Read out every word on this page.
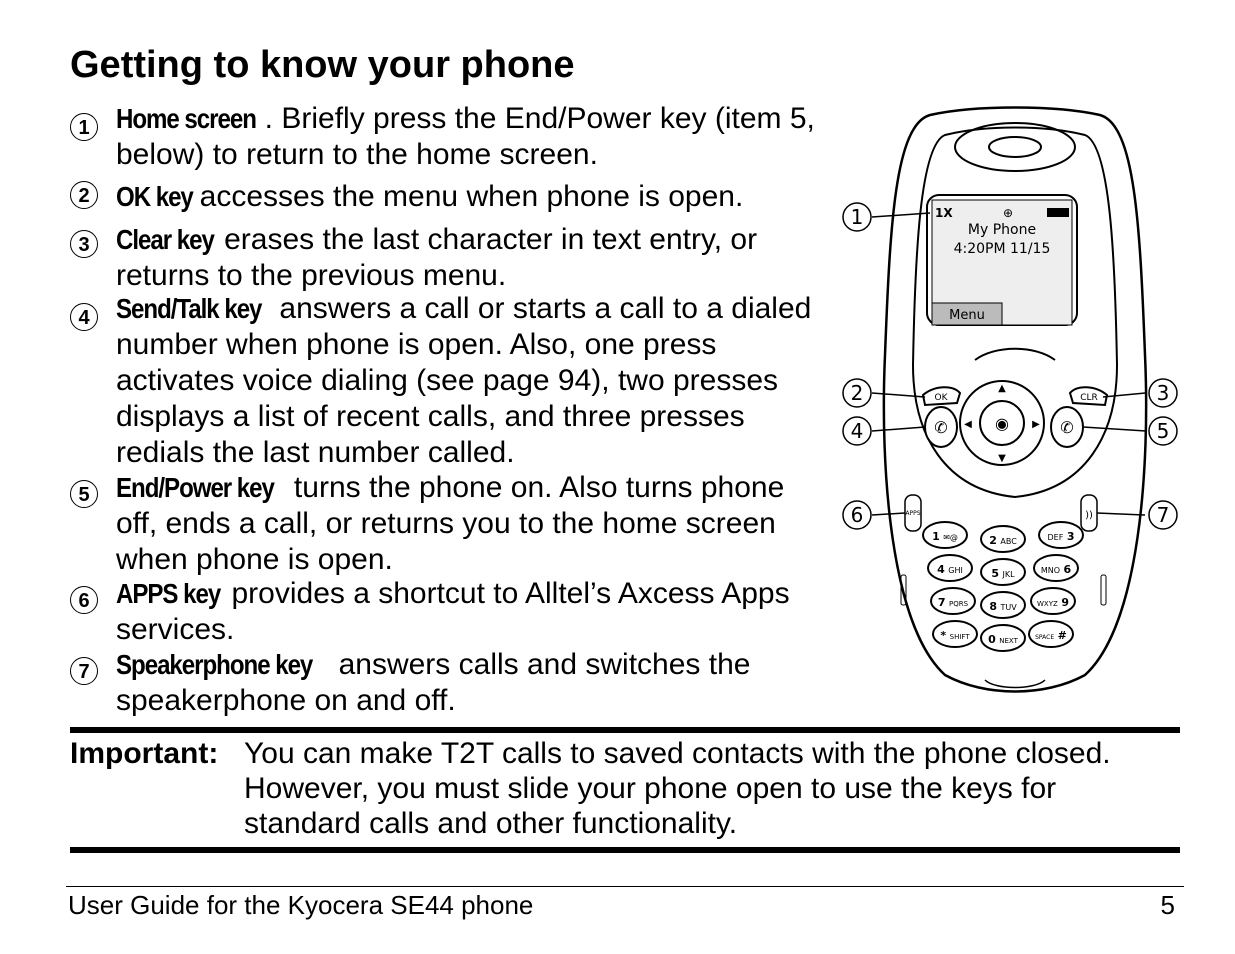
Getting to know your phone
1 Home screen . Briefly press the End/Power key (item 5, below) to return to the home screen.
2 OK key accesses the menu when phone is open.
3 Clear key erases the last character in text entry, or returns to the previous menu.
4 Send/Talk key answers a call or starts a call to a dialed number when phone is open. Also, one press activates voice dialing (see page 94), two presses displays a list of recent calls, and three presses redials the last number called.
5 End/Power key turns the phone on. Also turns phone off, ends a call, or returns you to the home screen when phone is open.
6 APPS key provides a shortcut to Alltel’s Axcess Apps services.
7 Speakerphone key answers calls and switches the speakerphone on and off.
1X	⊕
My Phone
4:20PM 11/15
Menu
◉
▲
▼
◀	▶
OK	CLR
✆	✆
APPS	))
1 ✉@	2 ABC	DEF 3
4 GHI	5 JKL	MNO 6
7 PQRS 8 TUV	WXYZ 9
* SHIFT 0 NEXT	SPACE #
1
2	3
4	5
6	7
Important: You can make T2T calls to saved contacts with the phone closed. However, you must slide your phone open to use the keys for standard calls and other functionality.
User Guide for the Kyocera SE44 phone	5
